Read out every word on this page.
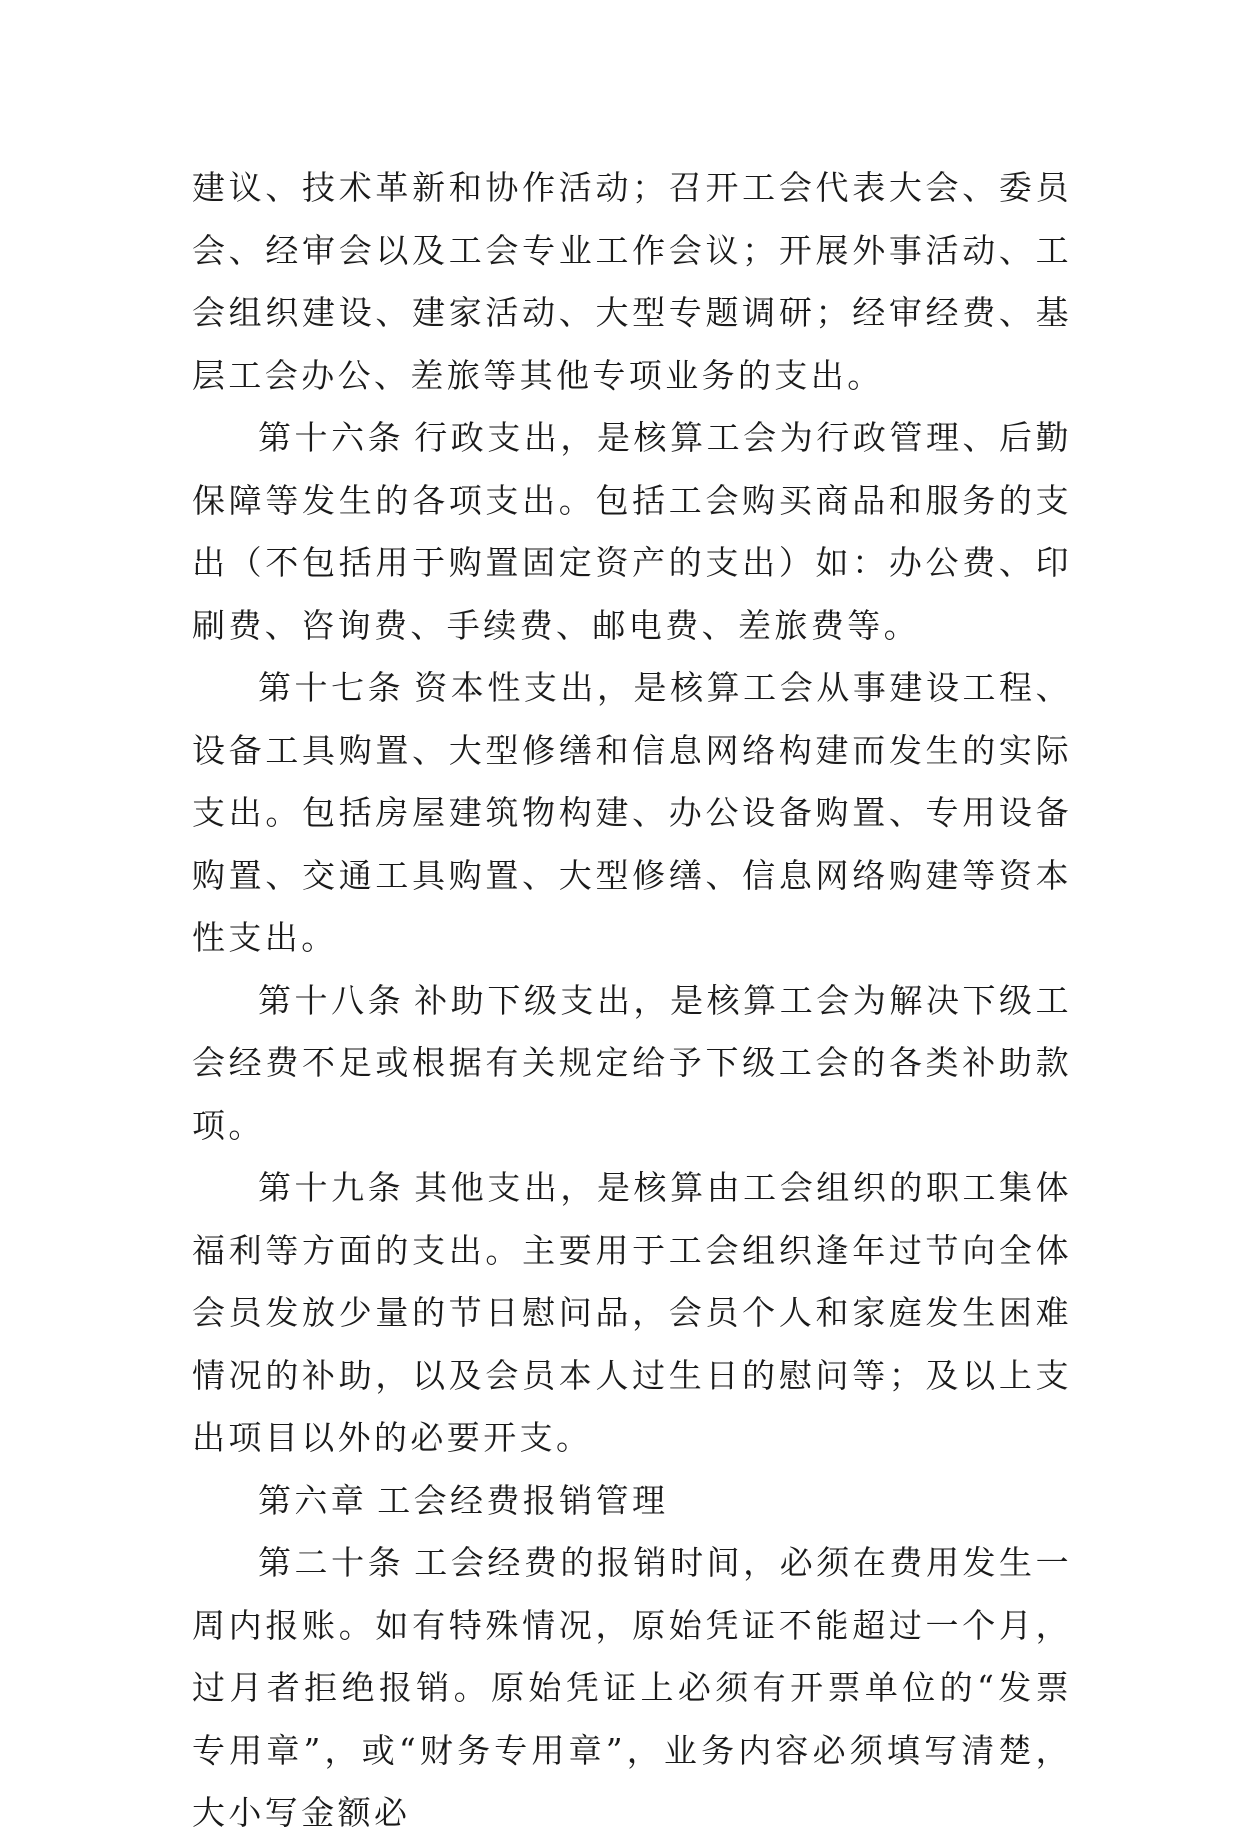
建议、技术革新和协作活动；召开工会代表大会、委员会、经审会以及工会专业工作会议；开展外事活动、工会组织建设、建家活动、大型专题调研；经审经费、基层工会办公、差旅等其他专项业务的支出。

第十六条 行政支出，是核算工会为行政管理、后勤保障等发生的各项支出。包括工会购买商品和服务的支出（不包括用于购置固定资产的支出）如：办公费、印刷费、咨询费、手续费、邮电费、差旅费等。

第十七条 资本性支出，是核算工会从事建设工程、设备工具购置、大型修缮和信息网络构建而发生的实际支出。包括房屋建筑物构建、办公设备购置、专用设备购置、交通工具购置、大型修缮、信息网络购建等资本性支出。

第十八条 补助下级支出，是核算工会为解决下级工会经费不足或根据有关规定给予下级工会的各类补助款项。

第十九条 其他支出，是核算由工会组织的职工集体福利等方面的支出。主要用于工会组织逢年过节向全体会员发放少量的节日慰问品，会员个人和家庭发生困难情况的补助，以及会员本人过生日的慰问等；及以上支出项目以外的必要开支。

第六章 工会经费报销管理

第二十条 工会经费的报销时间，必须在费用发生一周内报账。如有特殊情况，原始凭证不能超过一个月，过月者拒绝报销。原始凭证上必须有开票单位的“发票专用章”，或“财务专用章”，业务内容必须填写清楚，大小写金额必
